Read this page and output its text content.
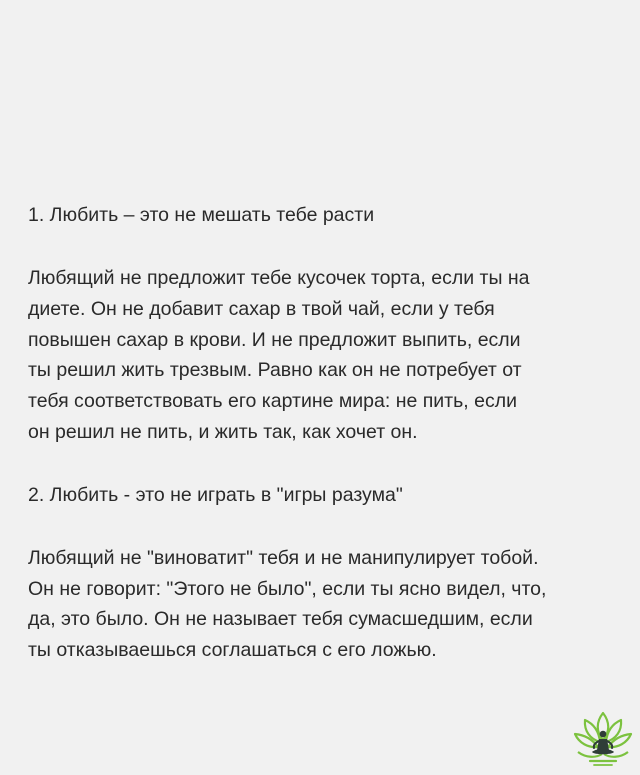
1. Любить – это не мешать тебе расти

Любящий не предложит тебе кусочек торта, если ты на
диете. Он не добавит сахар в твой чай, если у тебя
повышен сахар в крови. И не предложит выпить, если
ты решил жить трезвым. Равно как он не потребует от
тебя соответствовать его картине мира: не пить, если
он решил не пить, и жить так, как хочет он.

2. Любить - это не играть в "игры разума"

Любящий не "виноватит" тебя и не манипулирует тобой.
Он не говорит: "Этого не было", если ты ясно видел, что,
да, это было. Он не называет тебя сумасшедшим, если
ты отказываешься соглашаться с его ложью.
